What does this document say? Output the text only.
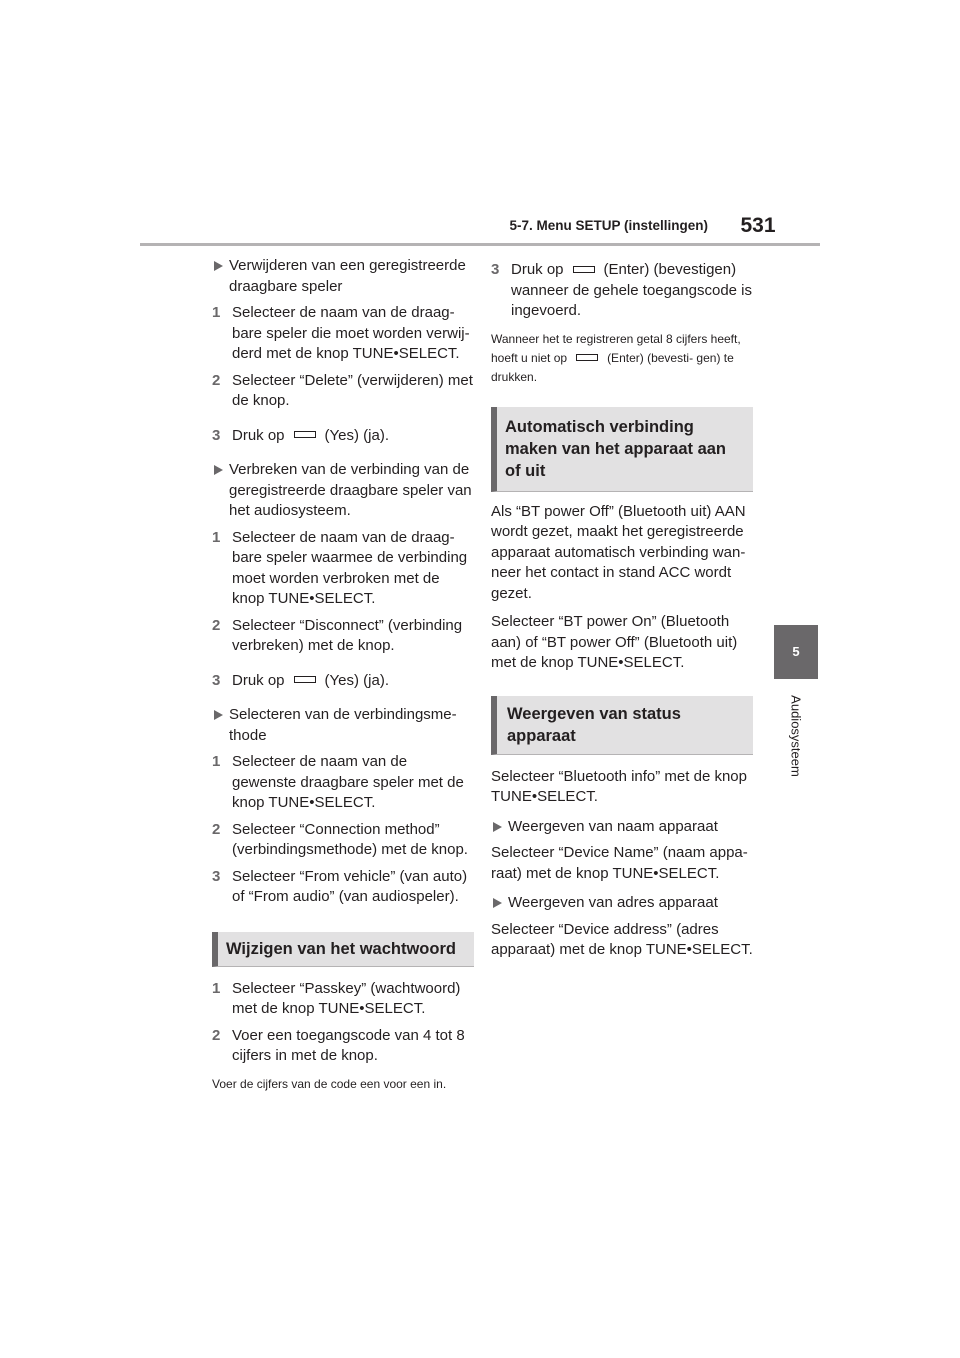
5-7. Menu SETUP (instellingen)	531
5
Audiosysteem
Verwijderen van een geregistreerde draagbare speler
1 Selecteer de naam van de draag- bare speler die moet worden verwij- derd met de knop TUNE•SELECT.
2 Selecteer “Delete” (verwijderen) met de knop.
3 Druk op	(Yes) (ja).
Verbreken van de verbinding van de geregistreerde draagbare speler van het audiosysteem.
1 Selecteer de naam van de draag- bare speler waarmee de verbinding moet worden verbroken met de knop TUNE•SELECT.
2 Selecteer “Disconnect” (verbinding verbreken) met de knop.
3 Druk op	(Yes) (ja).
Selecteren van de verbindingsme- thode
1 Selecteer de naam van de gewenste draagbare speler met de knop TUNE•SELECT.
2 Selecteer “Connection method” (verbindingsmethode) met de knop.
3 Selecteer “From vehicle” (van auto) of “From audio” (van audiospeler).
Wijzigen van het wachtwoord
1 Selecteer “Passkey” (wachtwoord) met de knop TUNE•SELECT.
2 Voer een toegangscode van 4 tot 8 cijfers in met de knop.
Voer de cijfers van de code een voor een in.
3 Druk op	(Enter) (bevestigen) wanneer de gehele toegangscode is ingevoerd.
Wanneer het te registreren getal 8 cijfers heeft, hoeft u niet op	(Enter) (bevesti- gen) te drukken.
Automatisch verbinding maken van het apparaat aan of uit
Als “BT power Off” (Bluetooth uit) AAN wordt gezet, maakt het geregistreerde apparaat automatisch verbinding wan- neer het contact in stand ACC wordt gezet.
Selecteer “BT power On” (Bluetooth aan) of “BT power Off” (Bluetooth uit) met de knop TUNE•SELECT.
Weergeven van status apparaat
Selecteer “Bluetooth info” met de knop TUNE•SELECT.
Weergeven van naam apparaat
Selecteer “Device Name” (naam appa- raat) met de knop TUNE•SELECT.
Weergeven van adres apparaat
Selecteer “Device address” (adres apparaat) met de knop TUNE•SELECT.
